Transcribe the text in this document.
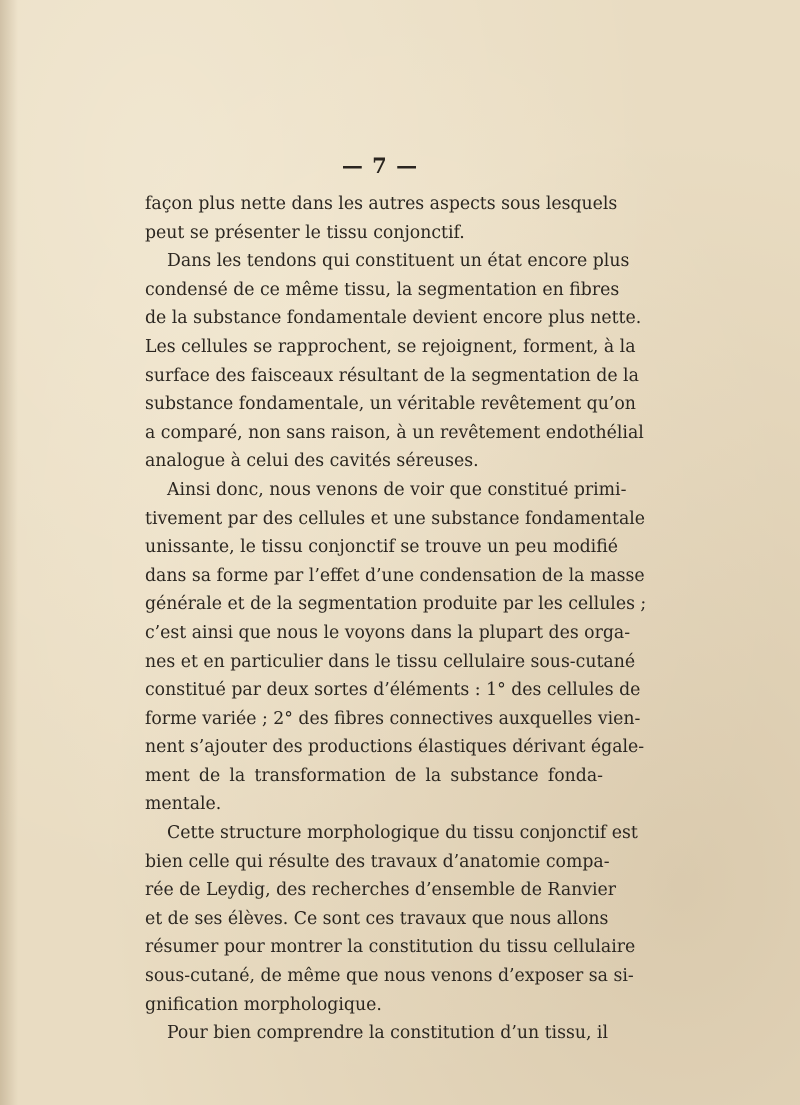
— 7 —
façon plus nette dans les autres aspects sous lesquels
peut se présenter le tissu conjonctif.
Dans les tendons qui constituent un état encore plus
condensé de ce même tissu, la segmentation en fibres
de la substance fondamentale devient encore plus nette.
Les cellules se rapprochent, se rejoignent, forment, à la
surface des faisceaux résultant de la segmentation de la
substance fondamentale, un véritable revêtement qu’on
a comparé, non sans raison, à un revêtement endothélial
analogue à celui des cavités séreuses.
Ainsi donc, nous venons de voir que constitué primi-
tivement par des cellules et une substance fondamentale
unissante, le tissu conjonctif se trouve un peu modifié
dans sa forme par l’effet d’une condensation de la masse
générale et de la segmentation produite par les cellules ;
c’est ainsi que nous le voyons dans la plupart des orga-
nes et en particulier dans le tissu cellulaire sous-cutané
constitué par deux sortes d’éléments : 1° des cellules de
forme variée ; 2° des fibres connectives auxquelles vien-
nent s’ajouter des productions élastiques dérivant égale-
ment de la transformation de la substance fonda-
mentale.
Cette structure morphologique du tissu conjonctif est
bien celle qui résulte des travaux d’anatomie compa-
rée de Leydig, des recherches d’ensemble de Ranvier
et de ses élèves. Ce sont ces travaux que nous allons
résumer pour montrer la constitution du tissu cellulaire
sous-cutané, de même que nous venons d’exposer sa si-
gnification morphologique.
Pour bien comprendre la constitution d’un tissu, il
